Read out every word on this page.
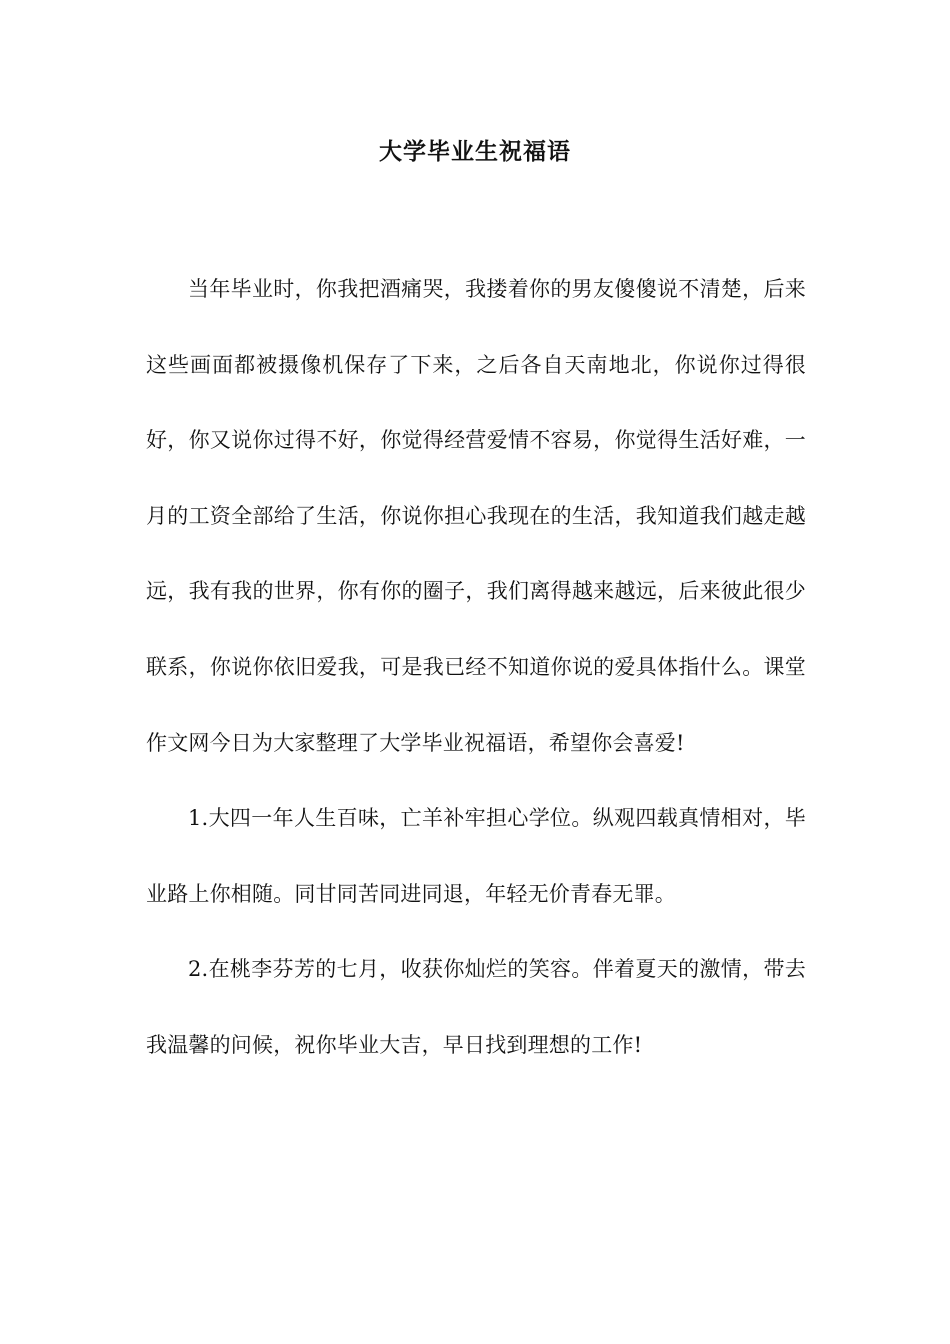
大学毕业生祝福语

当年毕业时，你我把酒痛哭，我搂着你的男友傻傻说不清楚，后来这些画面都被摄像机保存了下来，之后各自天南地北，你说你过得很好，你又说你过得不好，你觉得经营爱情不容易，你觉得生活好难，一月的工资全部给了生活，你说你担心我现在的生活，我知道我们越走越远，我有我的世界，你有你的圈子，我们离得越来越远，后来彼此很少联系，你说你依旧爱我，可是我已经不知道你说的爱具体指什么。课堂作文网今日为大家整理了大学毕业祝福语，希望你会喜爱!

1.大四一年人生百味，亡羊补牢担心学位。纵观四载真情相对，毕业路上你相随。同甘同苦同进同退，年轻无价青春无罪。

2.在桃李芬芳的七月，收获你灿烂的笑容。伴着夏天的激情，带去我温馨的问候，祝你毕业大吉，早日找到理想的工作!
